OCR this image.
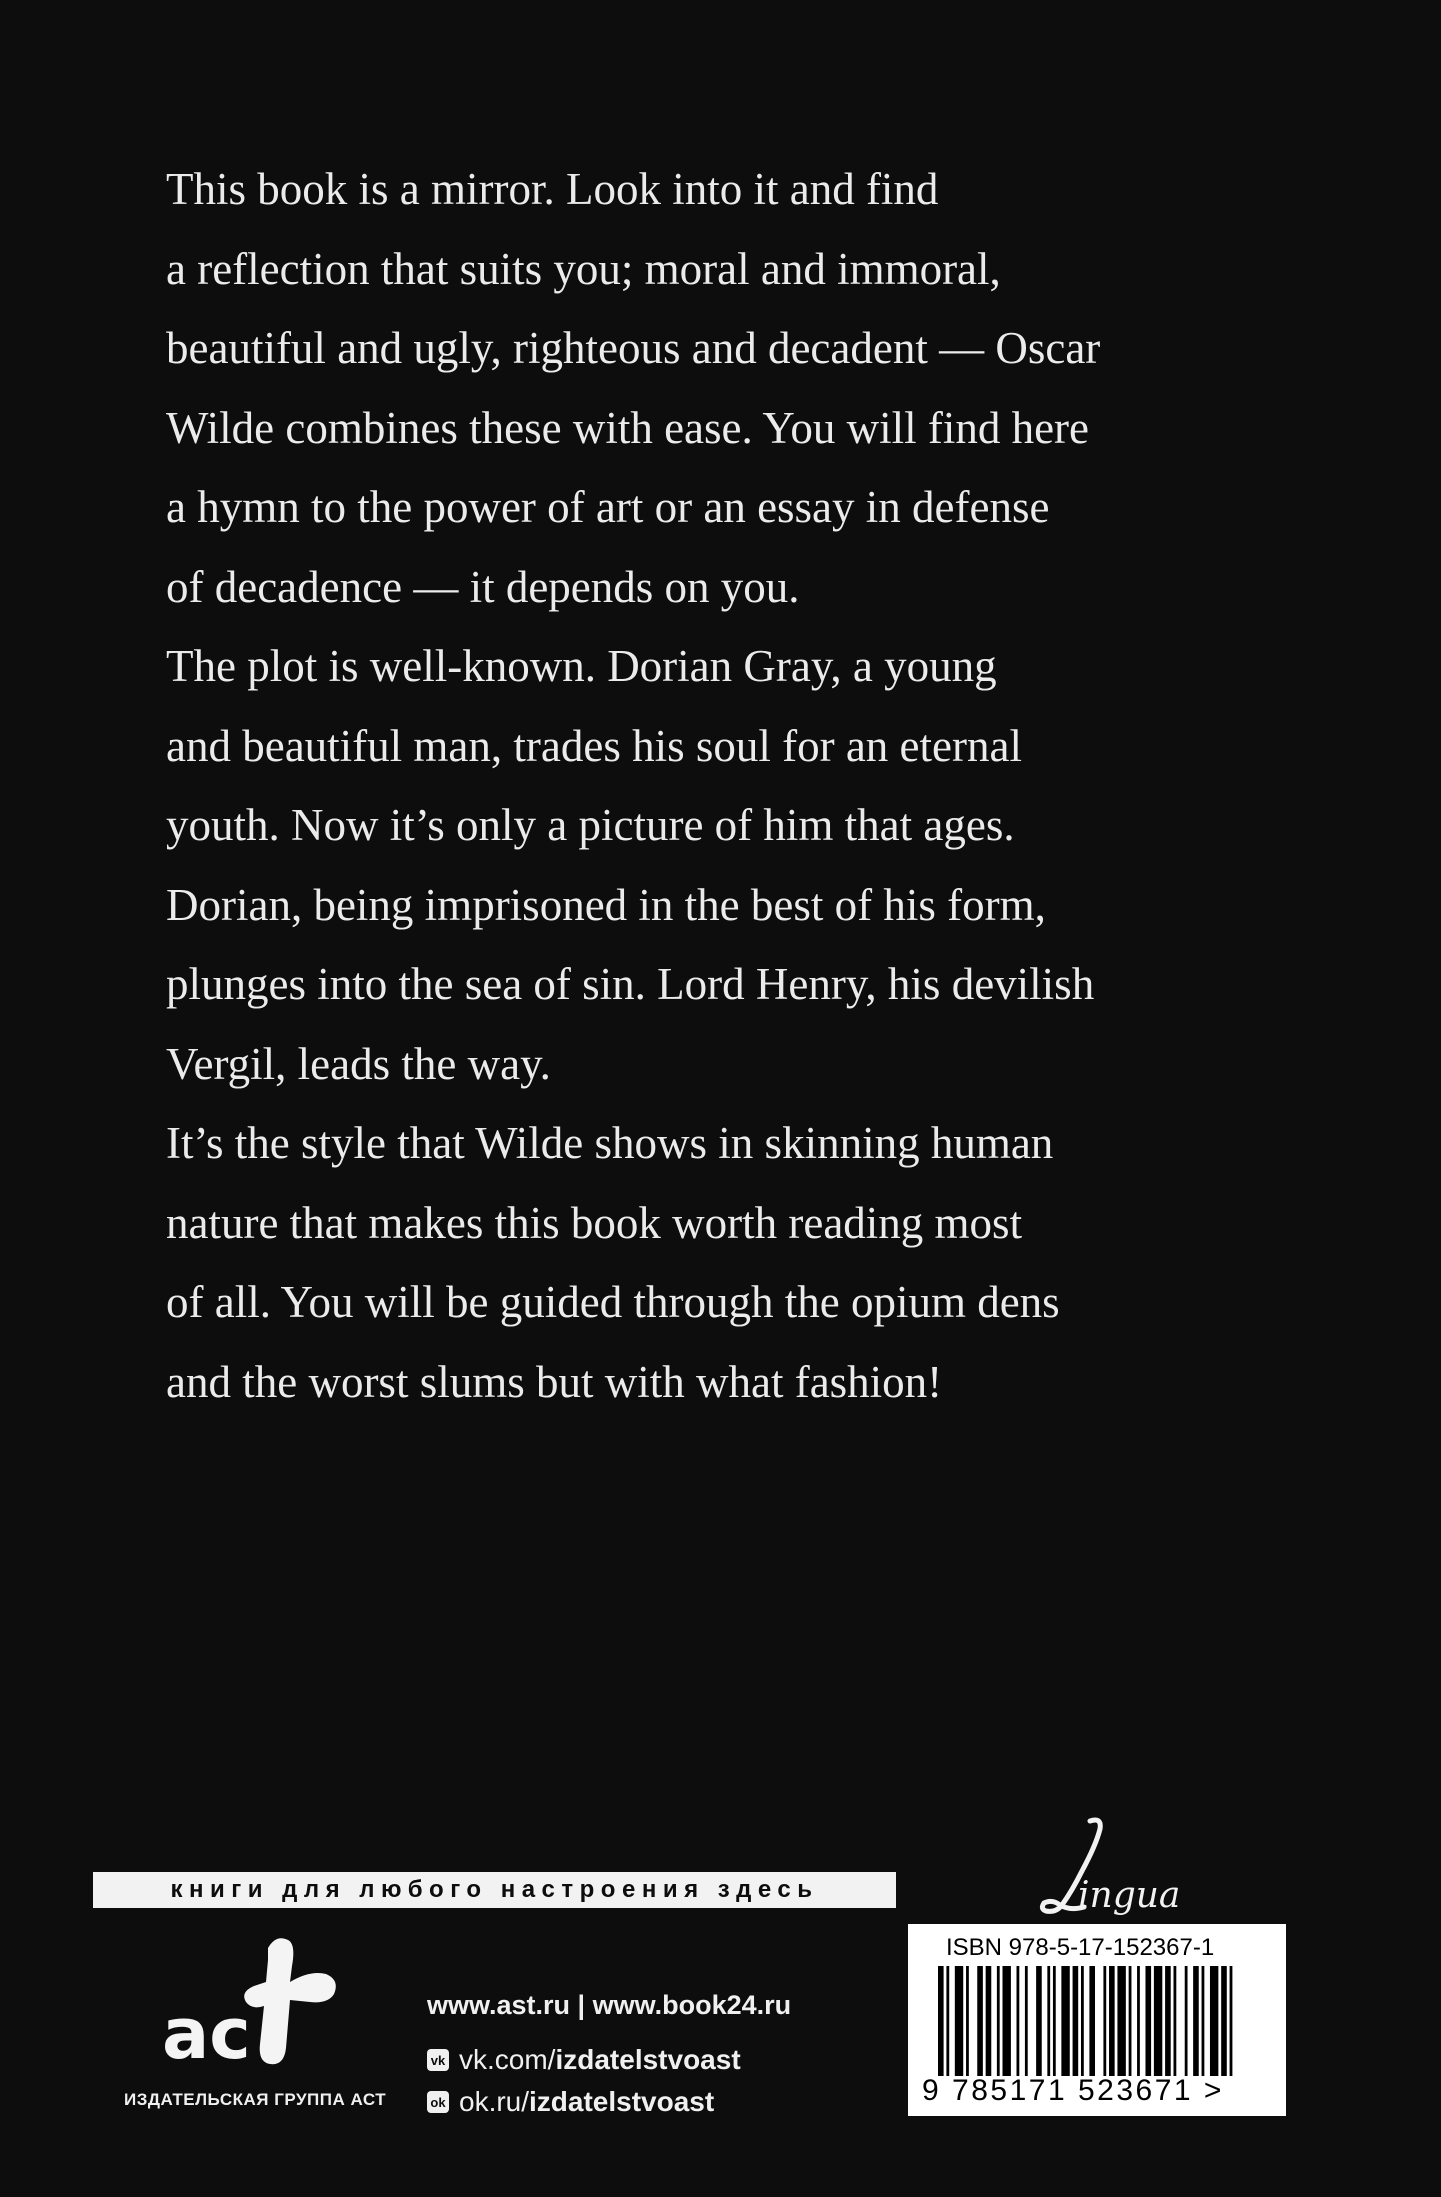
This book is a mirror. Look into it and find
a reflection that suits you; moral and immoral,
beautiful and ugly, righteous and decadent — Oscar
Wilde combines these with ease. You will find here
a hymn to the power of art or an essay in defense
of decadence — it depends on you.
The plot is well-known. Dorian Gray, a young
and beautiful man, trades his soul for an eternal
youth. Now it’s only a picture of him that ages.
Dorian, being imprisoned in the best of his form,
plunges into the sea of sin. Lord Henry, his devilish
Vergil, leads the way.
It’s the style that Wilde shows in skinning human
nature that makes this book worth reading most
of all. You will be guided through the opium dens
and the worst slums but with what fashion!
книги для любого настроения здесь
ac
ИЗДАТЕЛЬСКАЯ ГРУППА АСТ
www.ast.ru | www.book24.ru
vk vk.com/ izdatelstvoast
ok ok.ru/ izdatelstvoast
ingua
ISBN 978-5-17-152367-1
9 785171 523671 >
